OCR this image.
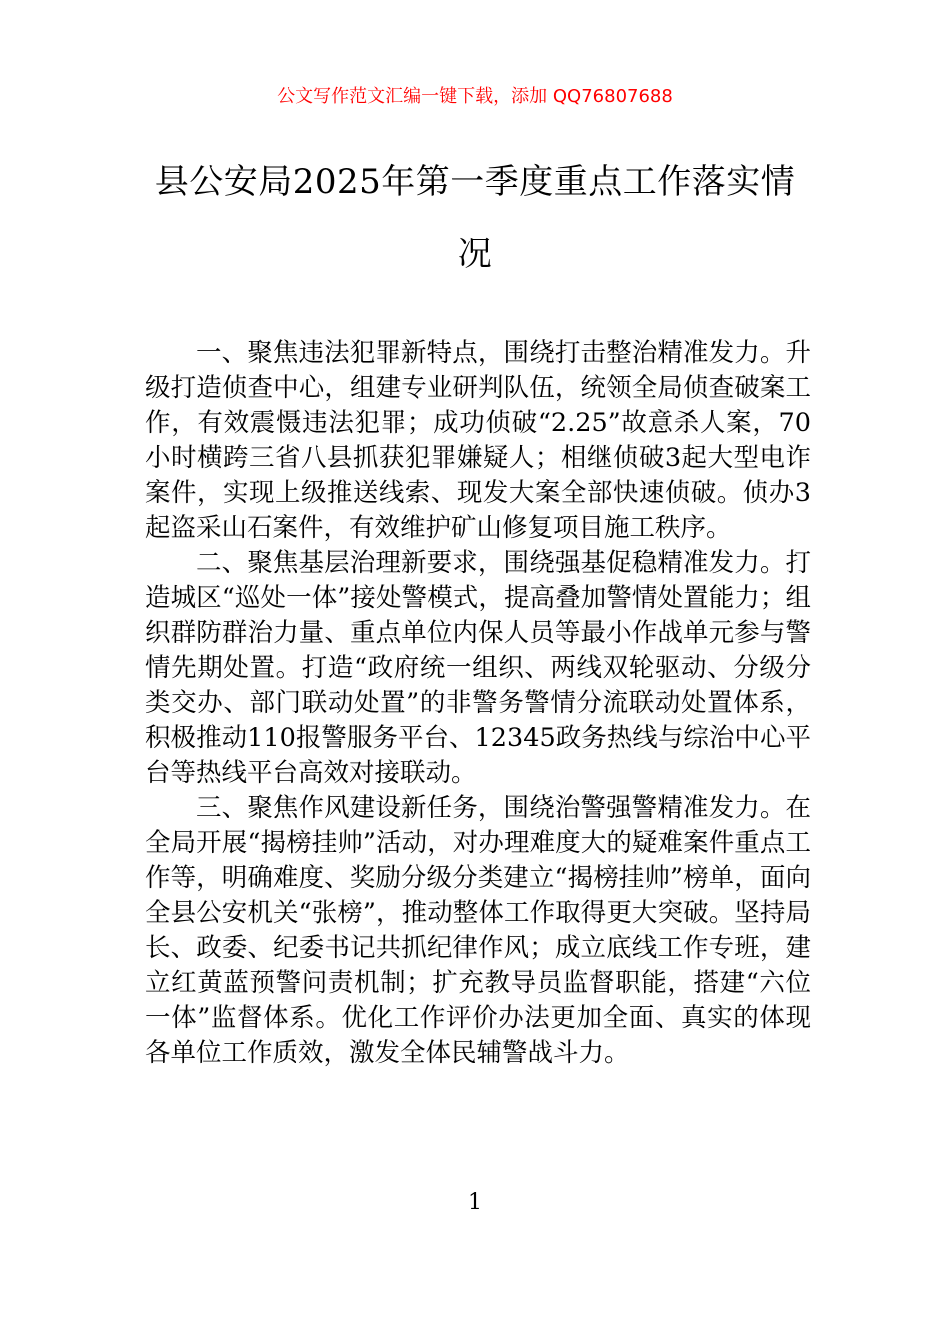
公文写作范文汇编一键下载，添加 QQ76807688
县公安局2025年第一季度重点工作落实情况

一、聚焦违法犯罪新特点，围绕打击整治精准发力。升级打造侦查中心，组建专业研判队伍，统领全局侦查破案工作，有效震慑违法犯罪；成功侦破“2.25”故意杀人案，70小时横跨三省八县抓获犯罪嫌疑人；相继侦破3起大型电诈案件，实现上级推送线索、现发大案全部快速侦破。侦办3起盗采山石案件，有效维护矿山修复项目施工秩序。

二、聚焦基层治理新要求，围绕强基促稳精准发力。打造城区“巡处一体”接处警模式，提高叠加警情处置能力；组织群防群治力量、重点单位内保人员等最小作战单元参与警情先期处置。打造“政府统一组织、两线双轮驱动、分级分类交办、部门联动处置”的非警务警情分流联动处置体系，积极推动110报警服务平台、12345政务热线与综治中心平台等热线平台高效对接联动。

三、聚焦作风建设新任务，围绕治警强警精准发力。在全局开展“揭榜挂帅”活动，对办理难度大的疑难案件重点工作等，明确难度、奖励分级分类建立“揭榜挂帅”榜单，面向全县公安机关“张榜”，推动整体工作取得更大突破。坚持局长、政委、纪委书记共抓纪律作风；成立底线工作专班，建立红黄蓝预警问责机制；扩充教导员监督职能，搭建“六位一体”监督体系。优化工作评价办法更加全面、真实的体现各单位工作质效，激发全体民辅警战斗力。

1
